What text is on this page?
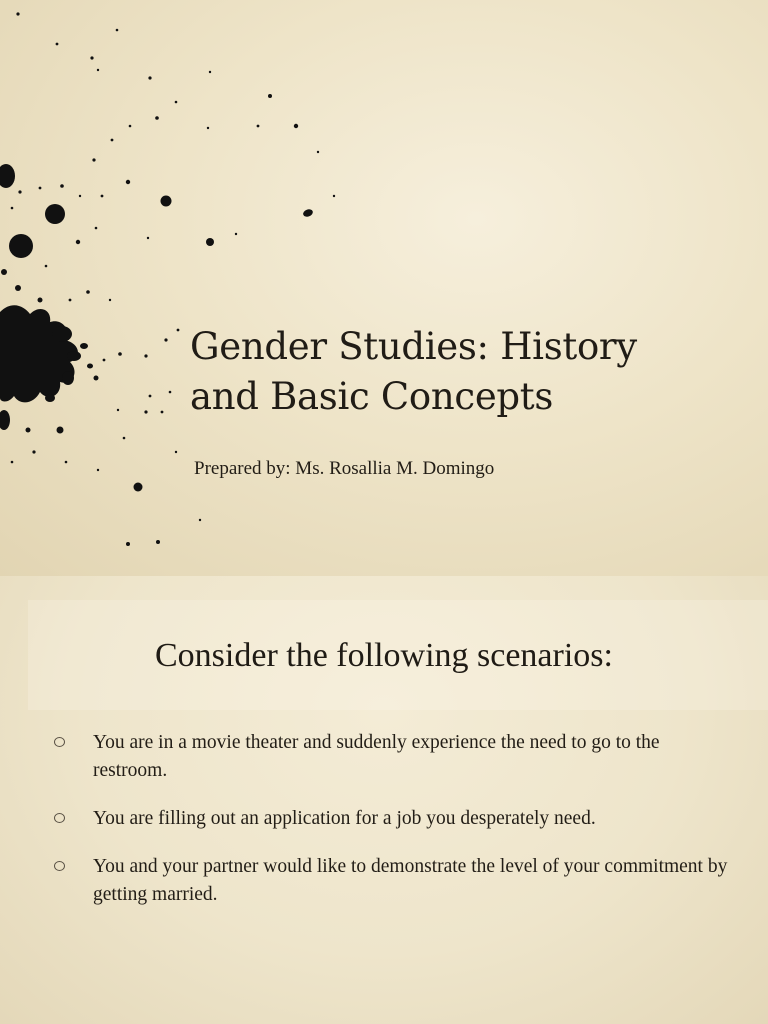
Gender Studies: History
and Basic Concepts

Prepared by: Ms. Rosallia M. Domingo

Consider the following scenarios:
You are in a movie theater and suddenly experience the need to go to the restroom.
You are filling out an application for a job you desperately need.
You and your partner would like to demonstrate the level of your commitment by getting married.
